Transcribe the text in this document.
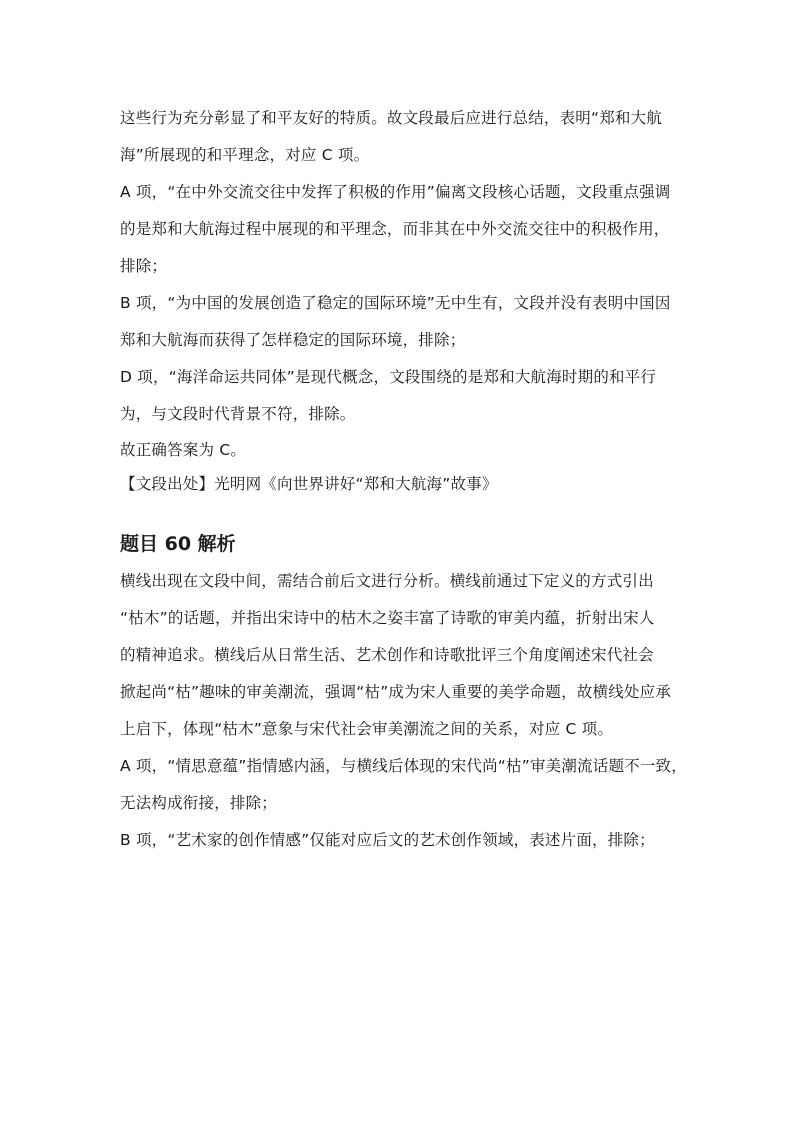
这些行为充分彰显了和平友好的特质。故文段最后应进行总结，表明“郑和大航
海”所展现的和平理念，对应 C 项。
A 项，“在中外交流交往中发挥了积极的作用”偏离文段核心话题，文段重点强调
的是郑和大航海过程中展现的和平理念，而非其在中外交流交往中的积极作用，
排除；
B 项，“为中国的发展创造了稳定的国际环境”无中生有，文段并没有表明中国因
郑和大航海而获得了怎样稳定的国际环境，排除；
D 项，“海洋命运共同体”是现代概念，文段围绕的是郑和大航海时期的和平行
为，与文段时代背景不符，排除。
故正确答案为 C。
【文段出处】光明网《向世界讲好“郑和大航海”故事》
题目 60 解析
横线出现在文段中间，需结合前后文进行分析。横线前通过下定义的方式引出
“枯木”的话题，并指出宋诗中的枯木之姿丰富了诗歌的审美内蕴，折射出宋人
的精神追求。横线后从日常生活、艺术创作和诗歌批评三个角度阐述宋代社会
掀起尚“枯”趣味的审美潮流，强调“枯”成为宋人重要的美学命题，故横线处应承
上启下，体现“枯木”意象与宋代社会审美潮流之间的关系，对应 C 项。
A 项，“情思意蕴”指情感内涵，与横线后体现的宋代尚“枯”审美潮流话题不一致，
无法构成衔接，排除；
B 项，“艺术家的创作情感”仅能对应后文的艺术创作领域，表述片面，排除；
